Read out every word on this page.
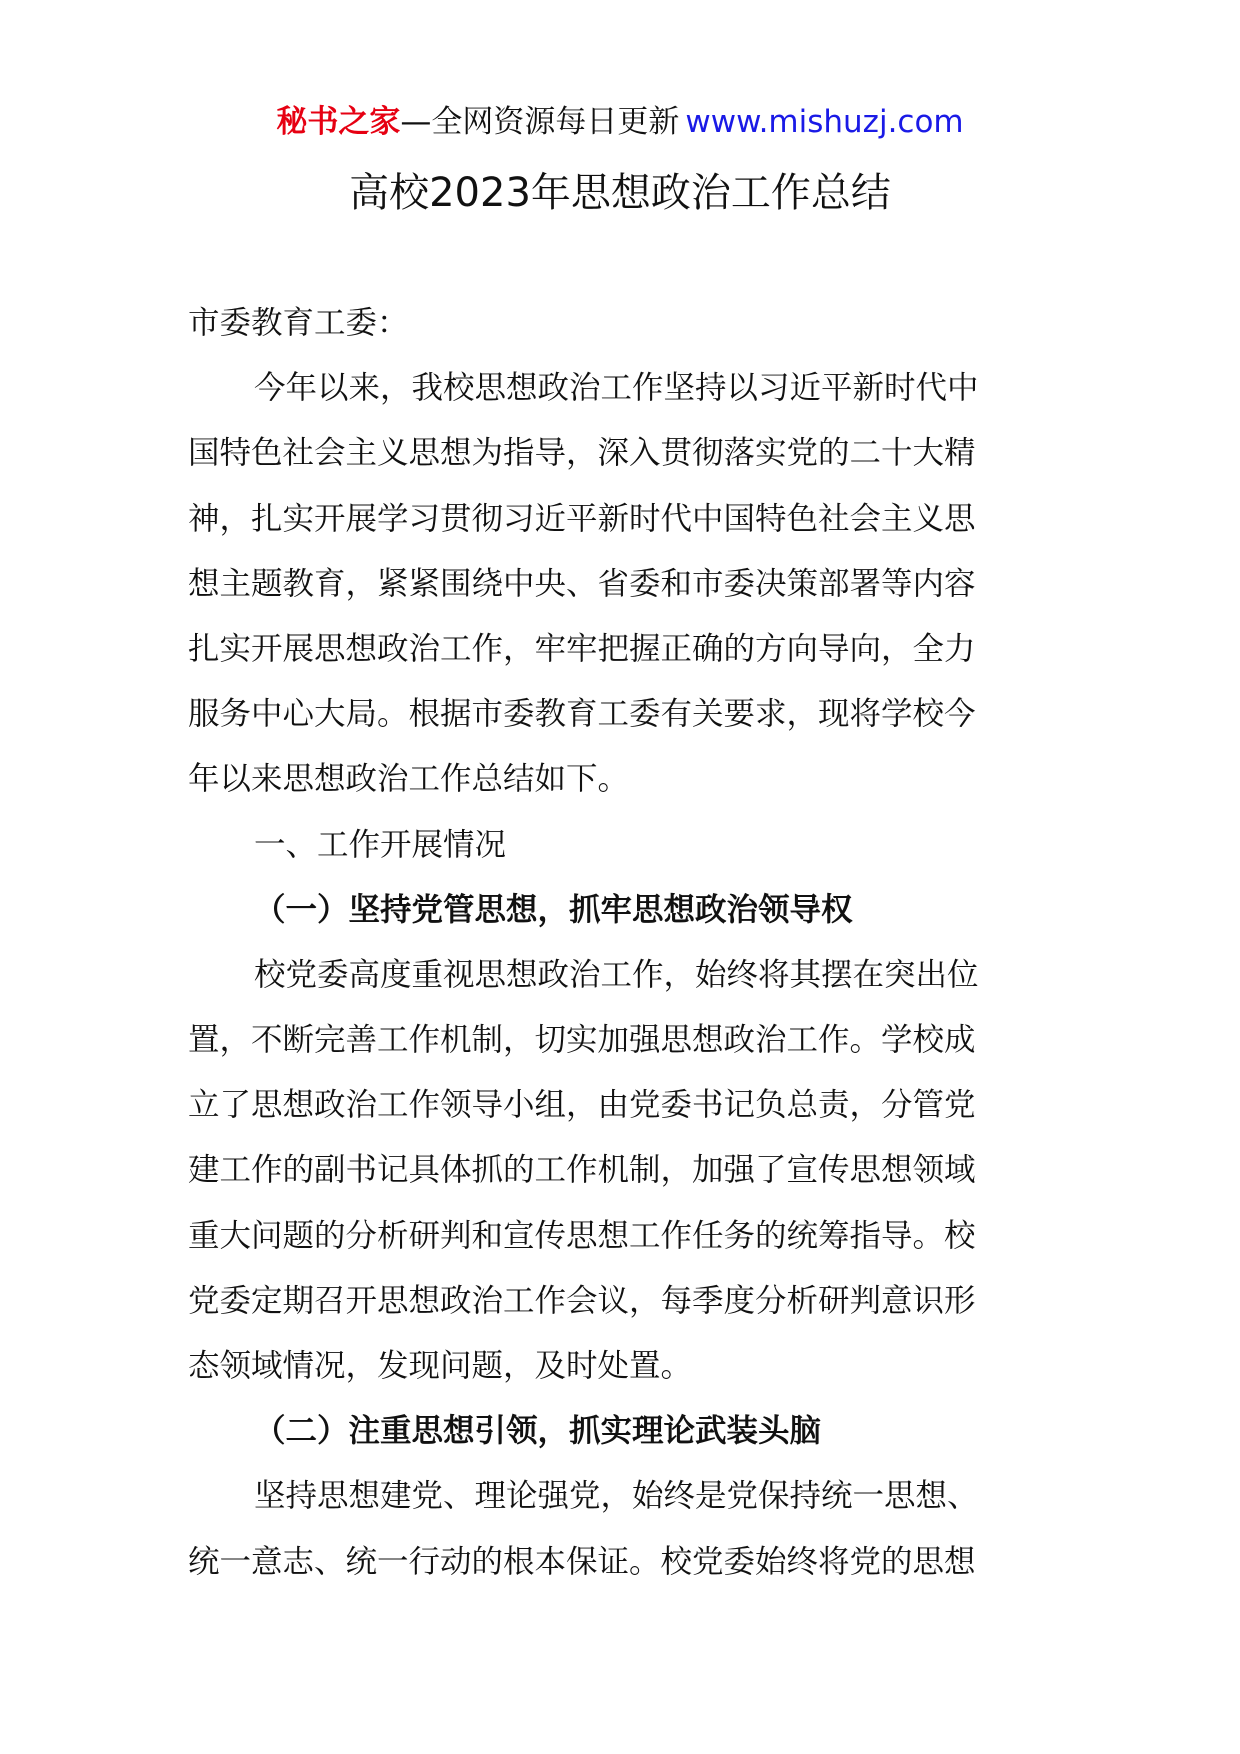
秘书之家—全网资源每日更新 www.mishuzj.com
高校2023年思想政治工作总结
市委教育工委：
今年以来，我校思想政治工作坚持以习近平新时代中
国特色社会主义思想为指导，深入贯彻落实党的二十大精
神，扎实开展学习贯彻习近平新时代中国特色社会主义思
想主题教育，紧紧围绕中央、省委和市委决策部署等内容
扎实开展思想政治工作，牢牢把握正确的方向导向，全力
服务中心大局。根据市委教育工委有关要求，现将学校今
年以来思想政治工作总结如下。
一、工作开展情况
（一）坚持党管思想，抓牢思想政治领导权
校党委高度重视思想政治工作，始终将其摆在突出位
置，不断完善工作机制，切实加强思想政治工作。学校成
立了思想政治工作领导小组，由党委书记负总责，分管党
建工作的副书记具体抓的工作机制，加强了宣传思想领域
重大问题的分析研判和宣传思想工作任务的统筹指导。校
党委定期召开思想政治工作会议，每季度分析研判意识形
态领域情况，发现问题，及时处置。
（二）注重思想引领，抓实理论武装头脑
坚持思想建党、理论强党，始终是党保持统一思想、
统一意志、统一行动的根本保证。校党委始终将党的思想
